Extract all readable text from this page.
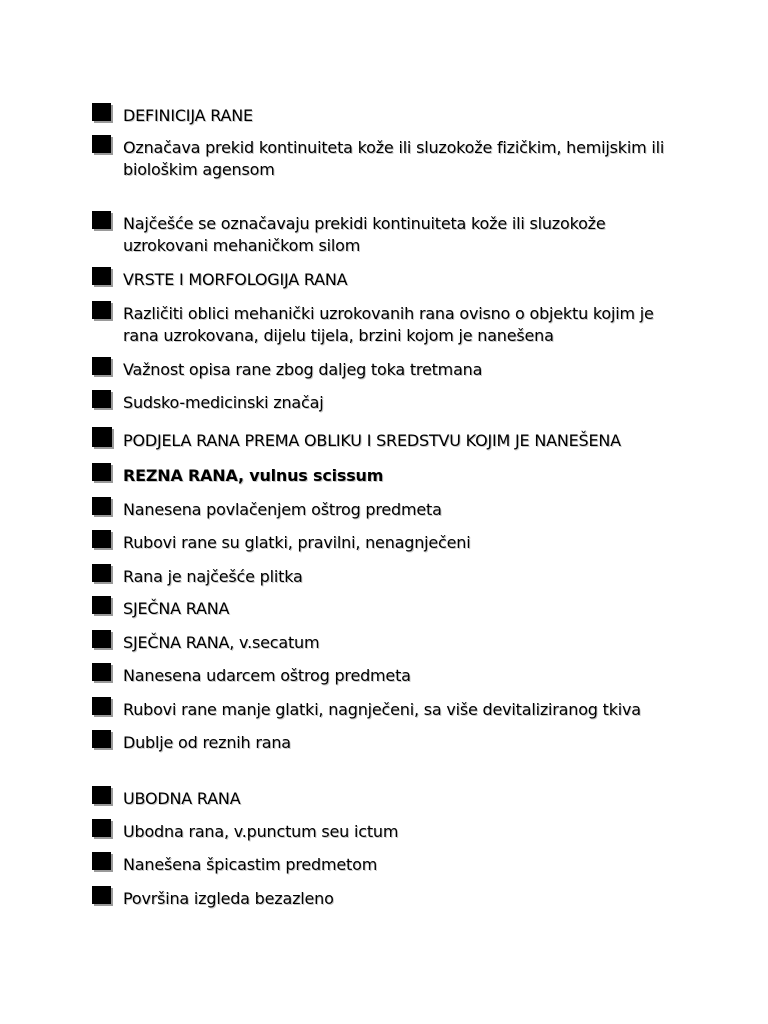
DEFINICIJA RANE
Označava prekid kontinuiteta kože ili sluzokože fizičkim, hemijskim ili biološkim agensom
Najčešće se označavaju prekidi kontinuiteta kože ili sluzokože uzrokovani mehaničkom silom
VRSTE I MORFOLOGIJA RANA
Različiti oblici mehanički uzrokovanih rana ovisno o objektu kojim je rana uzrokovana, dijelu tijela, brzini kojom je nanešena
Važnost opisa rane zbog daljeg toka tretmana
Sudsko-medicinski značaj
PODJELA RANA PREMA OBLIKU I SREDSTVU KOJIM JE NANEŠENA
REZNA RANA, vulnus scissum
Nanesena povlačenjem oštrog predmeta
Rubovi rane su glatki, pravilni, nenagnječeni
Rana je najčešće plitka
SJEČNA RANA
SJEČNA RANA, v.secatum
Nanesena udarcem oštrog predmeta
Rubovi rane manje glatki, nagnječeni, sa više devitaliziranog tkiva
Dublje od reznih rana
UBODNA RANA
Ubodna rana, v.punctum seu ictum
Nanešena špicastim predmetom
Površina izgleda bezazleno
